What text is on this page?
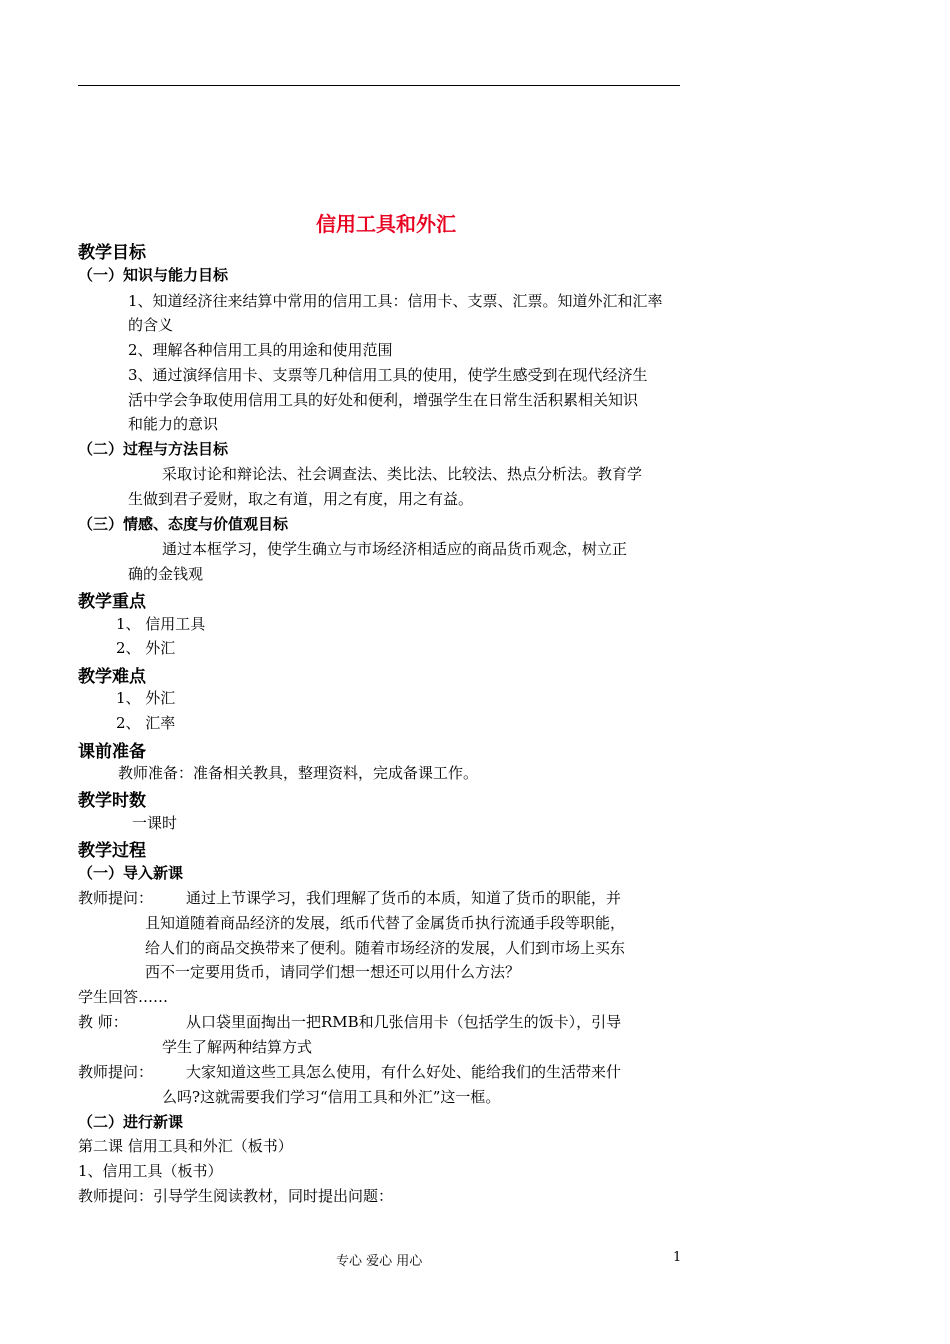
信用工具和外汇
教学目标
（一）知识与能力目标
1、知道经济往来结算中常用的信用工具：信用卡、支票、汇票。知道外汇和汇率
的含义
2、理解各种信用工具的用途和使用范围
3、通过演绎信用卡、支票等几种信用工具的使用，使学生感受到在现代经济生
活中学会争取使用信用工具的好处和便利，增强学生在日常生活积累相关知识
和能力的意识
（二）过程与方法目标
采取讨论和辩论法、社会调查法、类比法、比较法、热点分析法。教育学
生做到君子爱财，取之有道，用之有度，用之有益。
（三）情感、态度与价值观目标
通过本框学习，使学生确立与市场经济相适应的商品货币观念，树立正
确的金钱观
教学重点
1、 信用工具
2、 外汇
教学难点
1、 外汇
2、 汇率
课前准备
教师准备：准备相关教具，整理资料，完成备课工作。
教学时数
一课时
教学过程
（一）导入新课
教师提问： 通过上节课学习，我们理解了货币的本质，知道了货币的职能，并
且知道随着商品经济的发展，纸币代替了金属货币执行流通手段等职能，
给人们的商品交换带来了便利。随着市场经济的发展，人们到市场上买东
西不一定要用货币，请同学们想一想还可以用什么方法？
学生回答……
教 师：	从口袋里面掏出一把RMB和几张信用卡（包括学生的饭卡），引导
学生了解两种结算方式
教师提问： 大家知道这些工具怎么使用，有什么好处、能给我们的生活带来什
么吗?这就需要我们学习“信用工具和外汇”这一框。
（二）进行新课
第二课 信用工具和外汇（板书）
1、信用工具（板书）
教师提问：引导学生阅读教材，同时提出问题：
专心 爱心 用心	1
